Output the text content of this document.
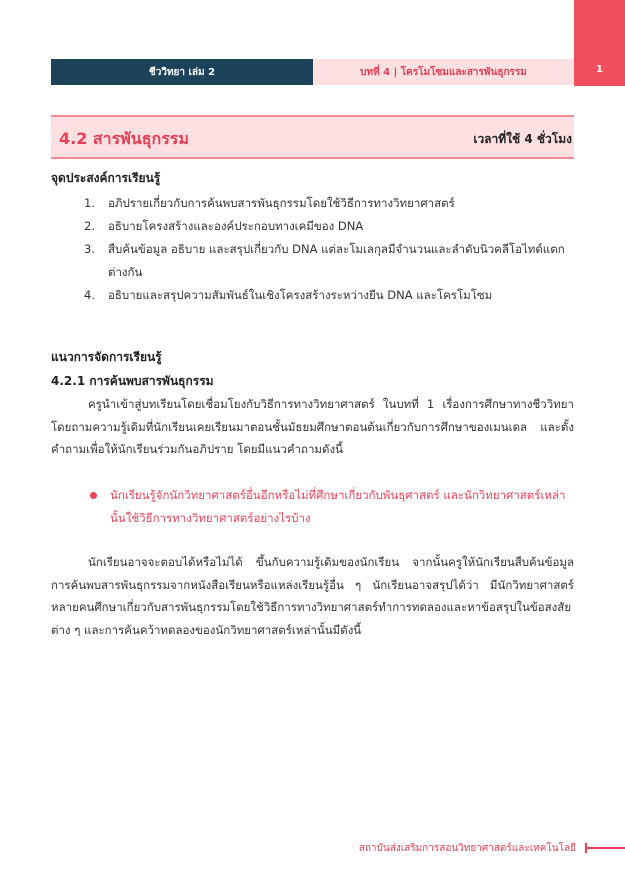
1
ชีววิทยา เล่ม 2	บทที่ 4 | โครโมโซมและสารพันธุกรรม
4.2 สารพันธุกรรม	เวลาที่ใช้ 4 ชั่วโมง
จุดประสงค์การเรียนรู้
1. อภิปรายเกี่ยวกับการค้นพบสารพันธุกรรมโดยใช้วิธีการทางวิทยาศาสตร์
2. อธิบายโครงสร้างและองค์ประกอบทางเคมีของ DNA
3. สืบค้นข้อมูล อธิบาย และสรุปเกี่ยวกับ DNA แต่ละโมเลกุลมีจำนวนและลำดับนิวคลีโอไทด์แตกต่างกัน
4. อธิบายและสรุปความสัมพันธ์ในเชิงโครงสร้างระหว่างยีน DNA และโครโมโซม
แนวการจัดการเรียนรู้
4.2.1 การค้นพบสารพันธุกรรม

ครูนำเข้าสู่บทเรียนโดยเชื่อมโยงกับวิธีการทางวิทยาศาสตร์ ในบทที่ 1 เรื่องการศึกษาทางชีววิทยา โดยถามความรู้เดิมที่นักเรียนเคยเรียนมาตอนชั้นมัธยมศึกษาตอนต้นเกี่ยวกับการศึกษาของเมนเดล และตั้งคำถามเพื่อให้นักเรียนร่วมกันอภิปราย โดยมีแนวคำถามดังนี้

นักเรียนรู้จักนักวิทยาศาสตร์อื่นอีกหรือไม่ที่ศึกษาเกี่ยวกับพันธุศาสตร์ และนักวิทยาศาสตร์เหล่านั้นใช้วิธีการทางวิทยาศาสตร์อย่างไรบ้าง

นักเรียนอาจจะตอบได้หรือไม่ได้ ขึ้นกับความรู้เดิมของนักเรียน จากนั้นครูให้นักเรียนสืบค้นข้อมูลการค้นพบสารพันธุกรรมจากหนังสือเรียนหรือแหล่งเรียนรู้อื่น ๆ นักเรียนอาจสรุปได้ว่า มีนักวิทยาศาสตร์หลายคนศึกษาเกี่ยวกับสารพันธุกรรมโดยใช้วิธีการทางวิทยาศาสตร์ทำการทดลองและหาข้อสรุปในข้อสงสัยต่าง ๆ และการค้นคว้าทดลองของนักวิทยาศาสตร์เหล่านั้นมีดังนี้

สถาบันส่งเสริมการสอนวิทยาศาสตร์และเทคโนโลยี
